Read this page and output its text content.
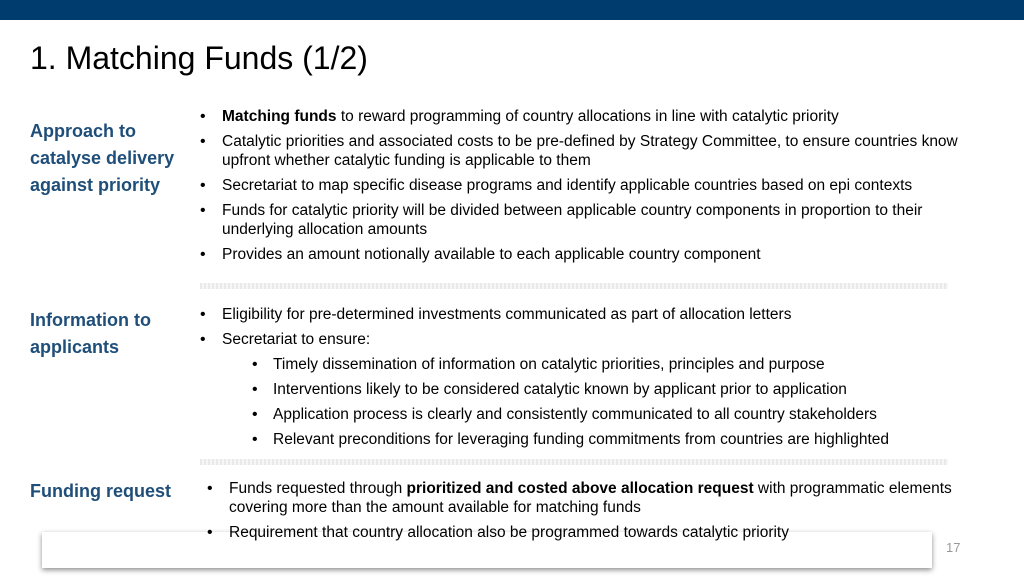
1. Matching Funds (1/2)
Approach to catalyse delivery against priority
• Matching funds to reward programming of country allocations in line with catalytic priority
• Catalytic priorities and associated costs to be pre-defined by Strategy Committee, to ensure countries know upfront whether catalytic funding is applicable to them
• Secretariat to map specific disease programs and identify applicable countries based on epi contexts
• Funds for catalytic priority will be divided between applicable country components in proportion to their underlying allocation amounts
• Provides an amount notionally available to each applicable country component
Information to applicants
• Eligibility for pre-determined investments communicated as part of allocation letters
• Secretariat to ensure:
• Timely dissemination of information on catalytic priorities, principles and purpose
• Interventions likely to be considered catalytic known by applicant prior to application
• Application process is clearly and consistently communicated to all country stakeholders
• Relevant preconditions for leveraging funding commitments from countries are highlighted
Funding request
•	Funds requested through prioritized and costed above allocation request with programmatic elements covering more than the amount available for matching funds
• Requirement that country allocation also be programmed towards catalytic priority
17
